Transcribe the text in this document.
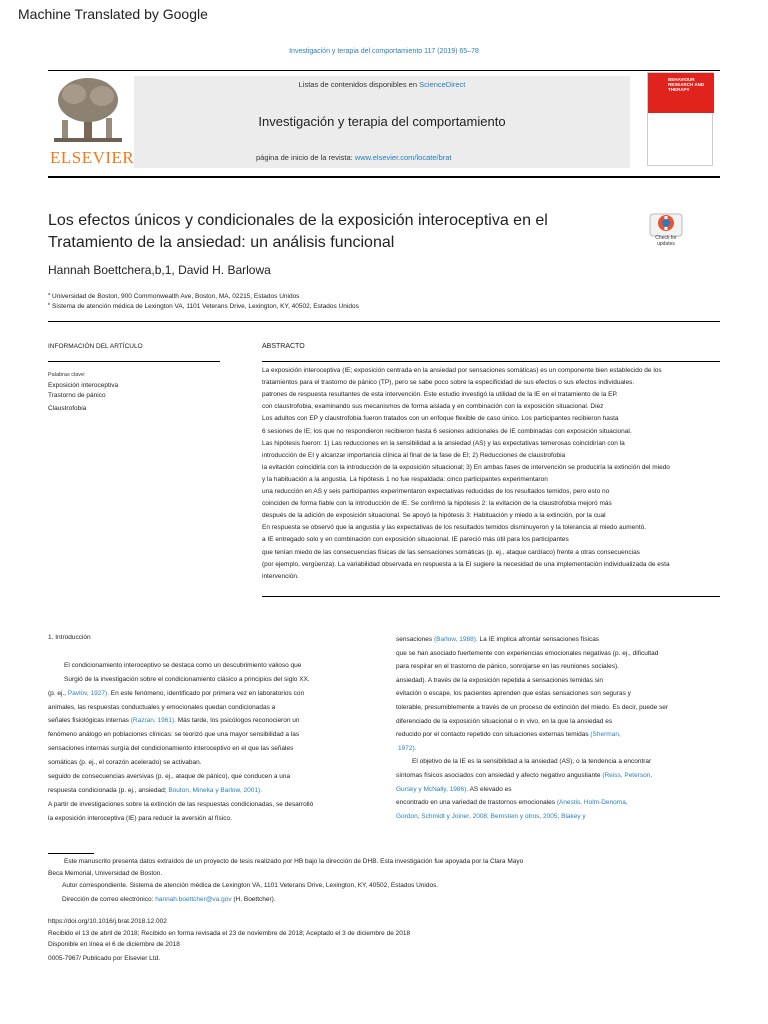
Machine Translated by Google
Investigación y terapia del comportamiento 117 (2019) 65–78
ELSEVIER
Listas de contenidos disponibles en ScienceDirect
Investigación y terapia del comportamiento
página de inicio de la revista: www.elsevier.com/locate/brat
BEHAVIOUR RESEARCH AND THERAPY
Los efectos únicos y condicionales de la exposición interoceptiva en el
Tratamiento de la ansiedad: un análisis funcional	Check for updates
Hannah Boettchera,b,1, David H. Barlowa
$^a$ Universidad de Boston, 900 Commonwealth Ave, Boston, MA, 02215, Estados Unidos
$^b$ Sistema de atención médica de Lexington VA, 1101 Veterans Drive, Lexington, KY, 40502, Estados Unidos
INFORMACIÓN DEL ARTÍCULO
Palabras clave:
Exposición interoceptiva
Trastorno de pánico
Claustrofobia
ABSTRACTO
La exposición interoceptiva (IE; exposición centrada en la ansiedad por sensaciones somáticas) es un componente bien establecido de los
tratamientos para el trastorno de pánico (TP), pero se sabe poco sobre la especificidad de sus efectos o sus efectos individuales.
patrones de respuesta resultantes de esta intervención. Este estudio investigó la utilidad de la IE en el tratamiento de la EP.
con claustrofobia, examinando sus mecanismos de forma aislada y en combinación con la exposición situacional. Diez
Los adultos con EP y claustrofobia fueron tratados con un enfoque flexible de caso único. Los participantes recibieron hasta
6 sesiones de IE; los que no respondieron recibieron hasta 6 sesiones adicionales de IE combinadas con exposición situacional.
Las hipótesis fueron: 1) Las reducciones en la sensibilidad a la ansiedad (AS) y las expectativas temerosas coincidirían con la
introducción de EI y alcanzar importancia clínica al final de la fase de EI; 2) Reducciones de claustrofobia
la evitación coincidiría con la introducción de la exposición situacional; 3) En ambas fases de intervención se produciría la extinción del miedo
y la habituación a la angustia. La hipótesis 1 no fue respaldada: cinco participantes experimentaron
una reducción en AS y seis participantes experimentaron expectativas reducidas de los resultados temidos, pero esto no
coinciden de forma fiable con la introducción de IE. Se confirmó la hipótesis 2: la evitación de la claustrofobia mejoró más
después de la adición de exposición situacional. Se apoyó la hipótesis 3: Habituación y miedo a la extinción, por la cual
En respuesta se observó que la angustia y las expectativas de los resultados temidos disminuyeron y la tolerancia al miedo aumentó.
a IE entregado solo y en combinación con exposición situacional. IE pareció más útil para los participantes
que tenían miedo de las consecuencias físicas de las sensaciones somáticas (p. ej., ataque cardíaco) frente a otras consecuencias
(por ejemplo, vergüenza). La variabilidad observada en respuesta a la EI sugiere la necesidad de una implementación individualizada de esta
intervención.
1. Introducción
El condicionamiento interoceptivo se destaca como un descubrimiento valioso que
Surgió de la investigación sobre el condicionamiento clásico a principios del siglo XX.
(p. ej., Pavlov, 1927). En este fenómeno, identificado por primera vez en laboratorios con
animales, las respuestas conductuales y emocionales quedan condicionadas a
señales fisiológicas internas (Razran, 1961). Más tarde, los psicólogos reconocieron un
fenómeno análogo en poblaciones clínicas: se teorizó que una mayor sensibilidad a las
sensaciones internas surgía del condicionamiento interoceptivo en el que las señales
somáticas (p. ej., el corazón acelerado) se activaban.
seguido de consecuencias aversivas (p. ej., ataque de pánico), que conducen a una
respuesta condicionada (p. ej., ansiedad; Bouton, Mineka y Barlow, 2001).
A partir de investigaciones sobre la extinción de las respuestas condicionadas, se desarrolló
la exposición interoceptiva (IE) para reducir la aversión al físico.
sensaciones (Barlow, 1988). La IE implica afrontar sensaciones físicas
que se han asociado fuertemente con experiencias emocionales negativas (p. ej., dificultad
para respirar en el trastorno de pánico, sonrojarse en las reuniones sociales).
ansiedad). A través de la exposición repetida a sensaciones temidas sin
evitación o escape, los pacientes aprenden que estas sensaciones son seguras y
tolerable, presumiblemente a través de un proceso de extinción del miedo. Es decir, puede ser
diferenciado de la exposición situacional o in vivo, en la que la ansiedad es
reducido por el contacto repetido con situaciones externas temidas (Sherman,
1972).
El objetivo de la IE es la sensibilidad a la ansiedad (AS), o la tendencia a encontrar
síntomas físicos asociados con ansiedad y afecto negativo angustiante (Reiss, Peterson,
Gursky y McNally, 1986). AS elevado es
encontrado en una variedad de trastornos emocionales (Anestis, Holm-Denoma,
Gordon, Schmidt y Joiner, 2008; Bernstein y otros, 2005; Blakey y
Este manuscrito presenta datos extraídos de un proyecto de tesis realizado por HB bajo la dirección de DHB. Esta investigación fue apoyada por la Clara Mayo
Beca Memorial, Universidad de Boston.
Autor correspondiente. Sistema de atención médica de Lexington VA, 1101 Veterans Drive, Lexington, KY, 40502, Estados Unidos.
Dirección de correo electrónico: hannah.boettcher@va.gov (H. Boettcher).
https://doi.org/10.1016/j.brat.2018.12.002
Recibido el 13 de abril de 2018; Recibido en forma revisada el 23 de noviembre de 2018; Aceptado el 3 de diciembre de 2018
Disponible en línea el 6 de diciembre de 2018
0005-7967/ Publicado por Elsevier Ltd.
